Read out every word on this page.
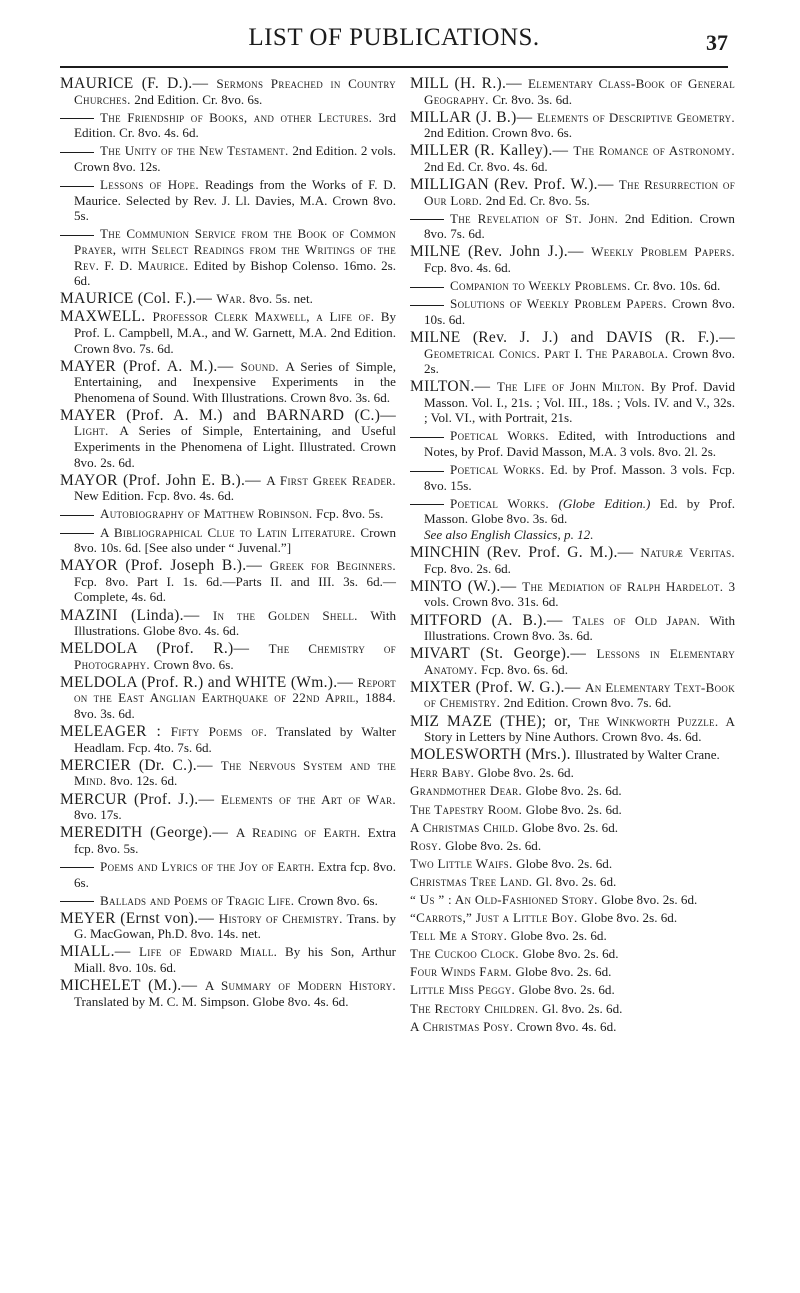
LIST OF PUBLICATIONS.	37

MAURICE (F. D.).— Sermons Preached in Country Churches. 2nd Edition. Cr. 8vo. 6s.

The Friendship of Books, and other Lectures. 3rd Edition. Cr. 8vo. 4s. 6d.

The Unity of the New Testament. 2nd Edition. 2 vols. Crown 8vo. 12s.

Lessons of Hope. Readings from the Works of F. D. Maurice. Selected by Rev. J. Ll. Davies, M.A. Crown 8vo. 5s.

The Communion Service from the Book of Common Prayer, with Select Readings from the Writings of the Rev. F. D. Maurice. Edited by Bishop Colenso. 16mo. 2s. 6d.

MAURICE (Col. F.).— War. 8vo. 5s. net.

MAXWELL. Professor Clerk Maxwell, a Life of. By Prof. L. Campbell, M.A., and W. Garnett, M.A. 2nd Edition. Crown 8vo. 7s. 6d.

MAYER (Prof. A. M.).— Sound. A Series of Simple, Entertaining, and Inexpensive Experiments in the Phenomena of Sound. With Illustrations. Crown 8vo. 3s. 6d.

MAYER (Prof. A. M.) and BARNARD (C.)— Light. A Series of Simple, Entertaining, and Useful Experiments in the Phenomena of Light. Illustrated. Crown 8vo. 2s. 6d.

MAYOR (Prof. John E. B.).— A First Greek Reader. New Edition. Fcp. 8vo. 4s. 6d.

Autobiography of Matthew Robinson. Fcp. 8vo. 5s.

A Bibliographical Clue to Latin Literature. Crown 8vo. 10s. 6d. [See also under “ Juvenal.”]

MAYOR (Prof. Joseph B.).— Greek for Beginners. Fcp. 8vo. Part I. 1s. 6d.—Parts II. and III. 3s. 6d.—Complete, 4s. 6d.

MAZINI (Linda).— In the Golden Shell. With Illustrations. Globe 8vo. 4s. 6d.

MELDOLA (Prof. R.)— The Chemistry of Photography. Crown 8vo. 6s.

MELDOLA (Prof. R.) and WHITE (Wm.).— Report on the East Anglian Earthquake of 22nd April, 1884. 8vo. 3s. 6d.

MELEAGER : Fifty Poems of. Translated by Walter Headlam. Fcp. 4to. 7s. 6d.

MERCIER (Dr. C.).— The Nervous System and the Mind. 8vo. 12s. 6d.

MERCUR (Prof. J.).— Elements of the Art of War. 8vo. 17s.

MEREDITH (George).— A Reading of Earth. Extra fcp. 8vo. 5s.

Poems and Lyrics of the Joy of Earth. Extra fcp. 8vo. 6s.

Ballads and Poems of Tragic Life. Crown 8vo. 6s.

MEYER (Ernst von).— History of Chemistry. Trans. by G. MacGowan, Ph.D. 8vo. 14s. net.

MIALL.— Life of Edward Miall. By his Son, Arthur Miall. 8vo. 10s. 6d.

MICHELET (M.).— A Summary of Modern History. Translated by M. C. M. Simpson. Globe 8vo. 4s. 6d.

MILL (H. R.).— Elementary Class-Book of General Geography. Cr. 8vo. 3s. 6d.

MILLAR (J. B.)— Elements of Descriptive Geometry. 2nd Edition. Crown 8vo. 6s.

MILLER (R. Kalley).— The Romance of Astronomy. 2nd Ed. Cr. 8vo. 4s. 6d.

MILLIGAN (Rev. Prof. W.).— The Resurrection of Our Lord. 2nd Ed. Cr. 8vo. 5s.

The Revelation of St. John. 2nd Edition. Crown 8vo. 7s. 6d.

MILNE (Rev. John J.).— Weekly Problem Papers. Fcp. 8vo. 4s. 6d.

Companion to Weekly Problems. Cr. 8vo. 10s. 6d.

Solutions of Weekly Problem Papers. Crown 8vo. 10s. 6d.

MILNE (Rev. J. J.) and DAVIS (R. F.).— Geometrical Conics. Part I. The Parabola. Crown 8vo. 2s.

MILTON.— The Life of John Milton. By Prof. David Masson. Vol. I., 21s. ; Vol. III., 18s. ; Vols. IV. and V., 32s. ; Vol. VI., with Portrait, 21s.

Poetical Works. Edited, with Introductions and Notes, by Prof. David Masson, M.A. 3 vols. 8vo. 2l. 2s.

Poetical Works. Ed. by Prof. Masson. 3 vols. Fcp. 8vo. 15s.

Poetical Works. (Globe Edition.) Ed. by Prof. Masson. Globe 8vo. 3s. 6d.
See also English Classics, p. 12.

MINCHIN (Rev. Prof. G. M.).— Naturæ Veritas. Fcp. 8vo. 2s. 6d.

MINTO (W.).— The Mediation of Ralph Hardelot. 3 vols. Crown 8vo. 31s. 6d.

MITFORD (A. B.).— Tales of Old Japan. With Illustrations. Crown 8vo. 3s. 6d.

MIVART (St. George).— Lessons in Elementary Anatomy. Fcp. 8vo. 6s. 6d.

MIXTER (Prof. W. G.).— An Elementary Text-Book of Chemistry. 2nd Edition. Crown 8vo. 7s. 6d.

MIZ MAZE (THE); or, The Winkworth Puzzle. A Story in Letters by Nine Authors. Crown 8vo. 4s. 6d.

MOLESWORTH (Mrs.). Illustrated by Walter Crane.

Herr Baby. Globe 8vo. 2s. 6d.

Grandmother Dear. Globe 8vo. 2s. 6d.

The Tapestry Room. Globe 8vo. 2s. 6d.

A Christmas Child. Globe 8vo. 2s. 6d.

Rosy. Globe 8vo. 2s. 6d.

Two Little Waifs. Globe 8vo. 2s. 6d.

Christmas Tree Land. Gl. 8vo. 2s. 6d.

“ Us ” : An Old-Fashioned Story. Globe 8vo. 2s. 6d.

“Carrots,” Just a Little Boy. Globe 8vo. 2s. 6d.

Tell Me a Story. Globe 8vo. 2s. 6d.

The Cuckoo Clock. Globe 8vo. 2s. 6d.

Four Winds Farm. Globe 8vo. 2s. 6d.

Little Miss Peggy. Globe 8vo. 2s. 6d.

The Rectory Children. Gl. 8vo. 2s. 6d.

A Christmas Posy. Crown 8vo. 4s. 6d.
